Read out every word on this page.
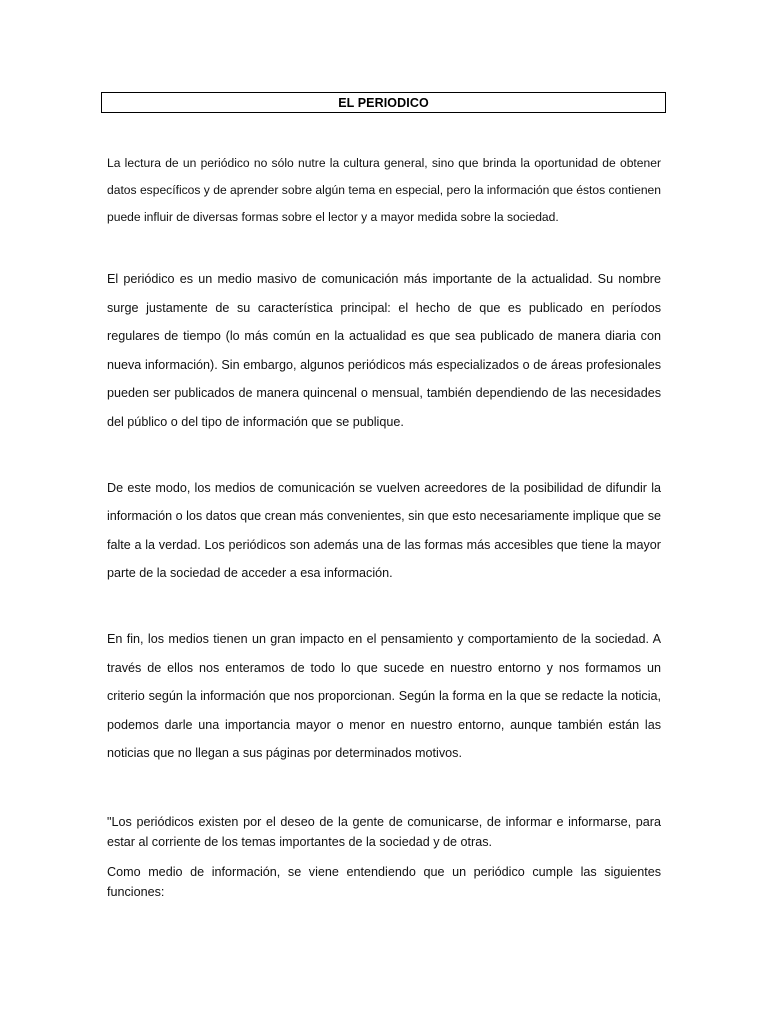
EL PERIODICO

La lectura de un periódico no sólo nutre la cultura general, sino que brinda la oportunidad de obtener datos específicos y de aprender sobre algún tema en especial, pero la información que éstos contienen puede influir de diversas formas sobre el lector y a mayor medida sobre la sociedad.

El periódico es un medio masivo de comunicación más importante de la actualidad. Su nombre surge justamente de su característica principal: el hecho de que es publicado en períodos regulares de tiempo (lo más común en la actualidad es que sea publicado de manera diaria con nueva información). Sin embargo, algunos periódicos más especializados o de áreas profesionales pueden ser publicados de manera quincenal o mensual, también dependiendo de las necesidades del público o del tipo de información que se publique.

De este modo, los medios de comunicación se vuelven acreedores de la posibilidad de difundir la información o los datos que crean más convenientes, sin que esto necesariamente implique que se falte a la verdad. Los periódicos son además una de las formas más accesibles que tiene la mayor parte de la sociedad de acceder a esa información.

En fin, los medios tienen un gran impacto en el pensamiento y comportamiento de la sociedad. A través de ellos nos enteramos de todo lo que sucede en nuestro entorno y nos formamos un criterio según la información que nos proporcionan. Según la forma en la que se redacte la noticia, podemos darle una importancia mayor o menor en nuestro entorno, aunque también están las noticias que no llegan a sus páginas por determinados motivos.

"Los periódicos existen por el deseo de la gente de comunicarse, de informar e informarse, para estar al corriente de los temas importantes de la sociedad y de otras.

Como medio de información, se viene entendiendo que un periódico cumple las siguientes funciones:
